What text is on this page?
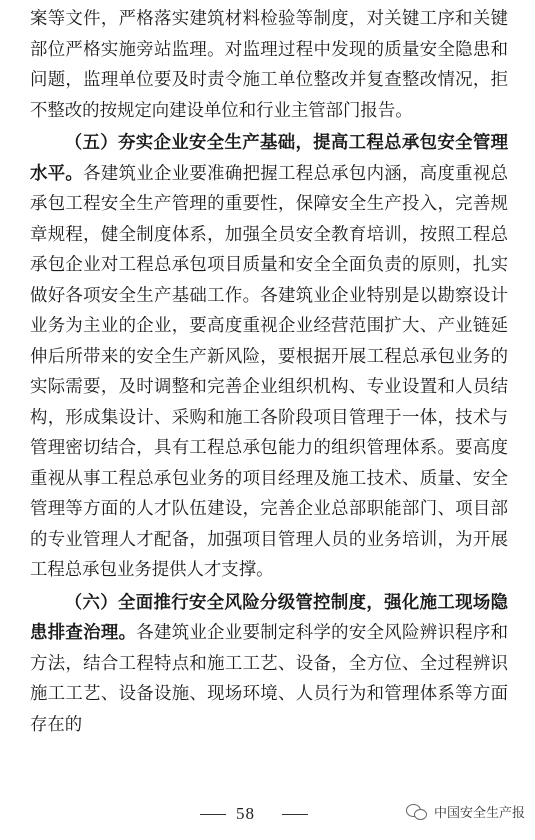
案等文件，严格落实建筑材料检验等制度，对关键工序和关键部位严格实施旁站监理。对监理过程中发现的质量安全隐患和问题，监理单位要及时责令施工单位整改并复查整改情况，拒不整改的按规定向建设单位和行业主管部门报告。

（五）夯实企业安全生产基础，提高工程总承包安全管理水平。各建筑业企业要准确把握工程总承包内涵，高度重视总承包工程安全生产管理的重要性，保障安全生产投入，完善规章规程，健全制度体系，加强全员安全教育培训，按照工程总承包企业对工程总承包项目质量和安全全面负责的原则，扎实做好各项安全生产基础工作。各建筑业企业特别是以勘察设计业务为主业的企业，要高度重视企业经营范围扩大、产业链延伸后所带来的安全生产新风险，要根据开展工程总承包业务的实际需要，及时调整和完善企业组织机构、专业设置和人员结构，形成集设计、采购和施工各阶段项目管理于一体，技术与管理密切结合，具有工程总承包能力的组织管理体系。要高度重视从事工程总承包业务的项目经理及施工技术、质量、安全管理等方面的人才队伍建设，完善企业总部职能部门、项目部的专业管理人才配备，加强项目管理人员的业务培训，为开展工程总承包业务提供人才支撑。

（六）全面推行安全风险分级管控制度，强化施工现场隐患排查治理。各建筑业企业要制定科学的安全风险辨识程序和方法，结合工程特点和施工工艺、设备，全方位、全过程辨识施工工艺、设备设施、现场环境、人员行为和管理体系等方面存在的

58	中国安全生产报
